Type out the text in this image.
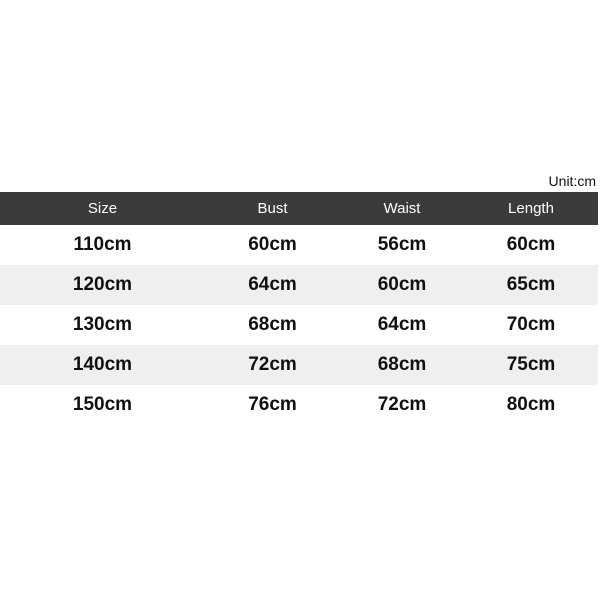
Unit:cm
Size	Bust	Waist	Length
110cm	60cm	56cm	60cm
120cm	64cm	60cm	65cm
130cm	68cm	64cm	70cm
140cm	72cm	68cm	75cm
150cm	76cm	72cm	80cm
